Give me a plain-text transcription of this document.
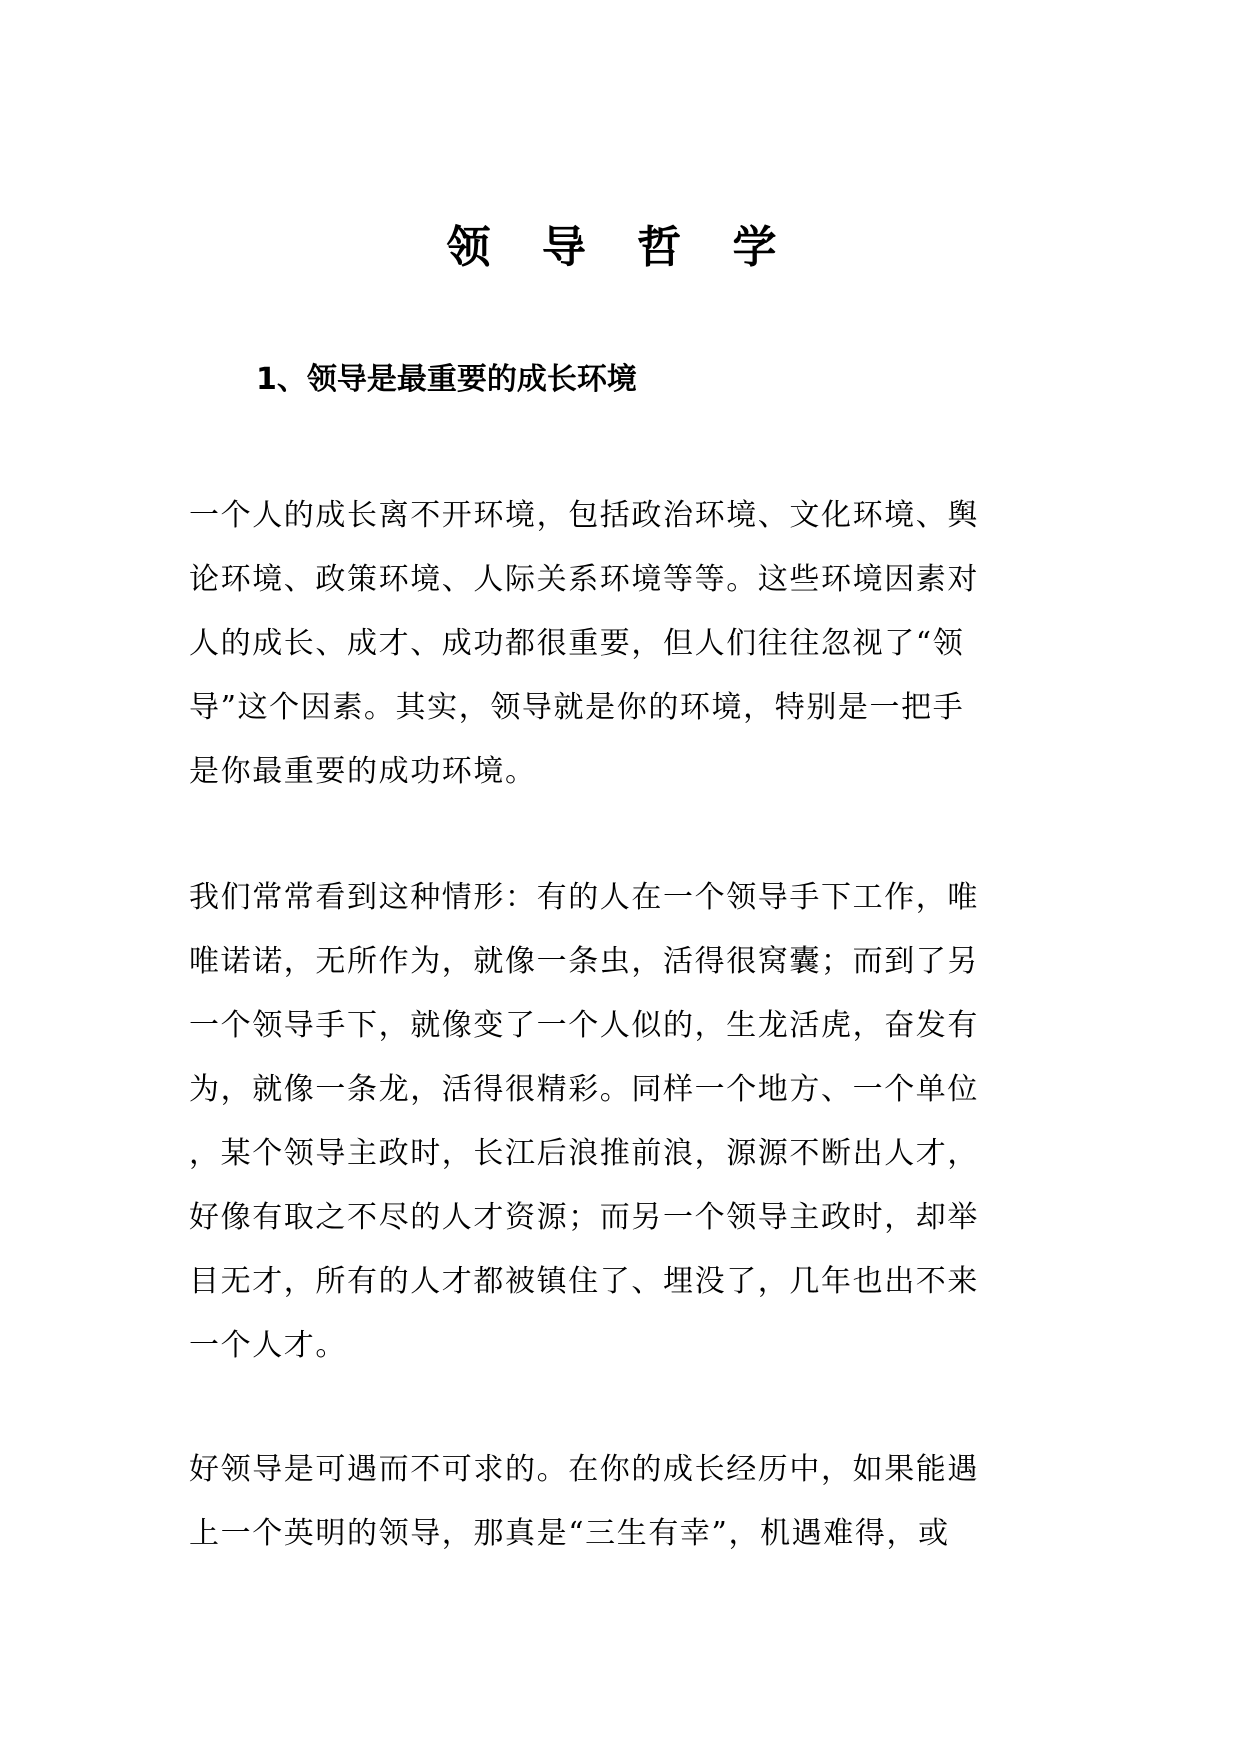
领 导 哲 学
1、领导是最重要的成长环境
一个人的成长离不开环境，包括政治环境、文化环境、舆
论环境、政策环境、人际关系环境等等。这些环境因素对
人的成长、成才、成功都很重要，但人们往往忽视了“领
导”这个因素。其实，领导就是你的环境，特别是一把手
是你最重要的成功环境。
我们常常看到这种情形：有的人在一个领导手下工作，唯
唯诺诺，无所作为，就像一条虫，活得很窝囊；而到了另
一个领导手下，就像变了一个人似的，生龙活虎，奋发有
为，就像一条龙，活得很精彩。同样一个地方、一个单位
，某个领导主政时，长江后浪推前浪，源源不断出人才，
好像有取之不尽的人才资源；而另一个领导主政时，却举
目无才，所有的人才都被镇住了、埋没了，几年也出不来
一个人才。
好领导是可遇而不可求的。在你的成长经历中，如果能遇
上一个英明的领导，那真是“三生有幸”，机遇难得，或
